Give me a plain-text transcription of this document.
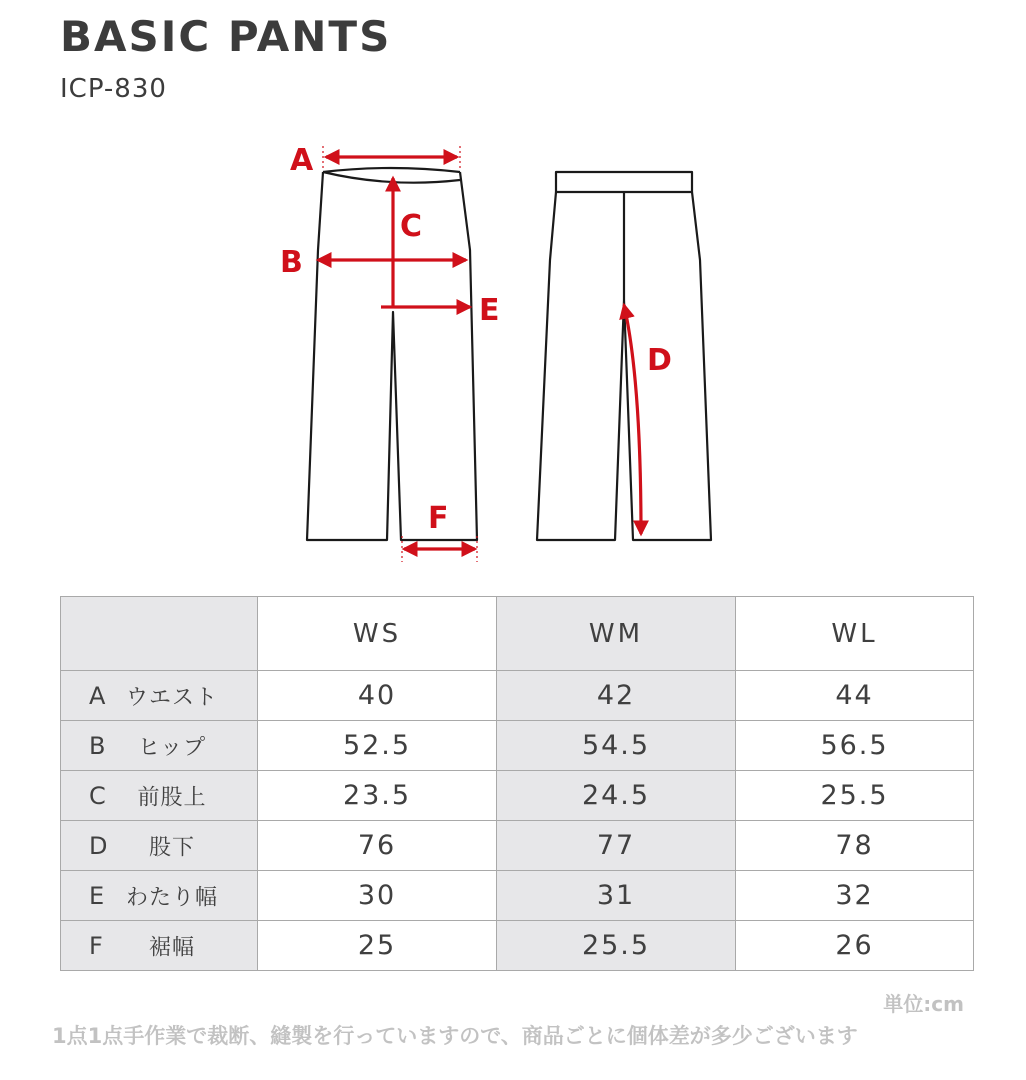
BASIC PANTS
ICP-830
A
B
C
D
E
F
	WS	WM	WL

A ウエスト	40	42	44

B ヒップ	52.5	54.5	56.5

C 前股上	23.5	24.5	25.5

D 股下	76	77	78

E わたり幅	30	31	32

F 裾幅	25	25.5	26
単位:cm
1点1点手作業で裁断、縫製を行っていますので、商品ごとに個体差が多少ございます
